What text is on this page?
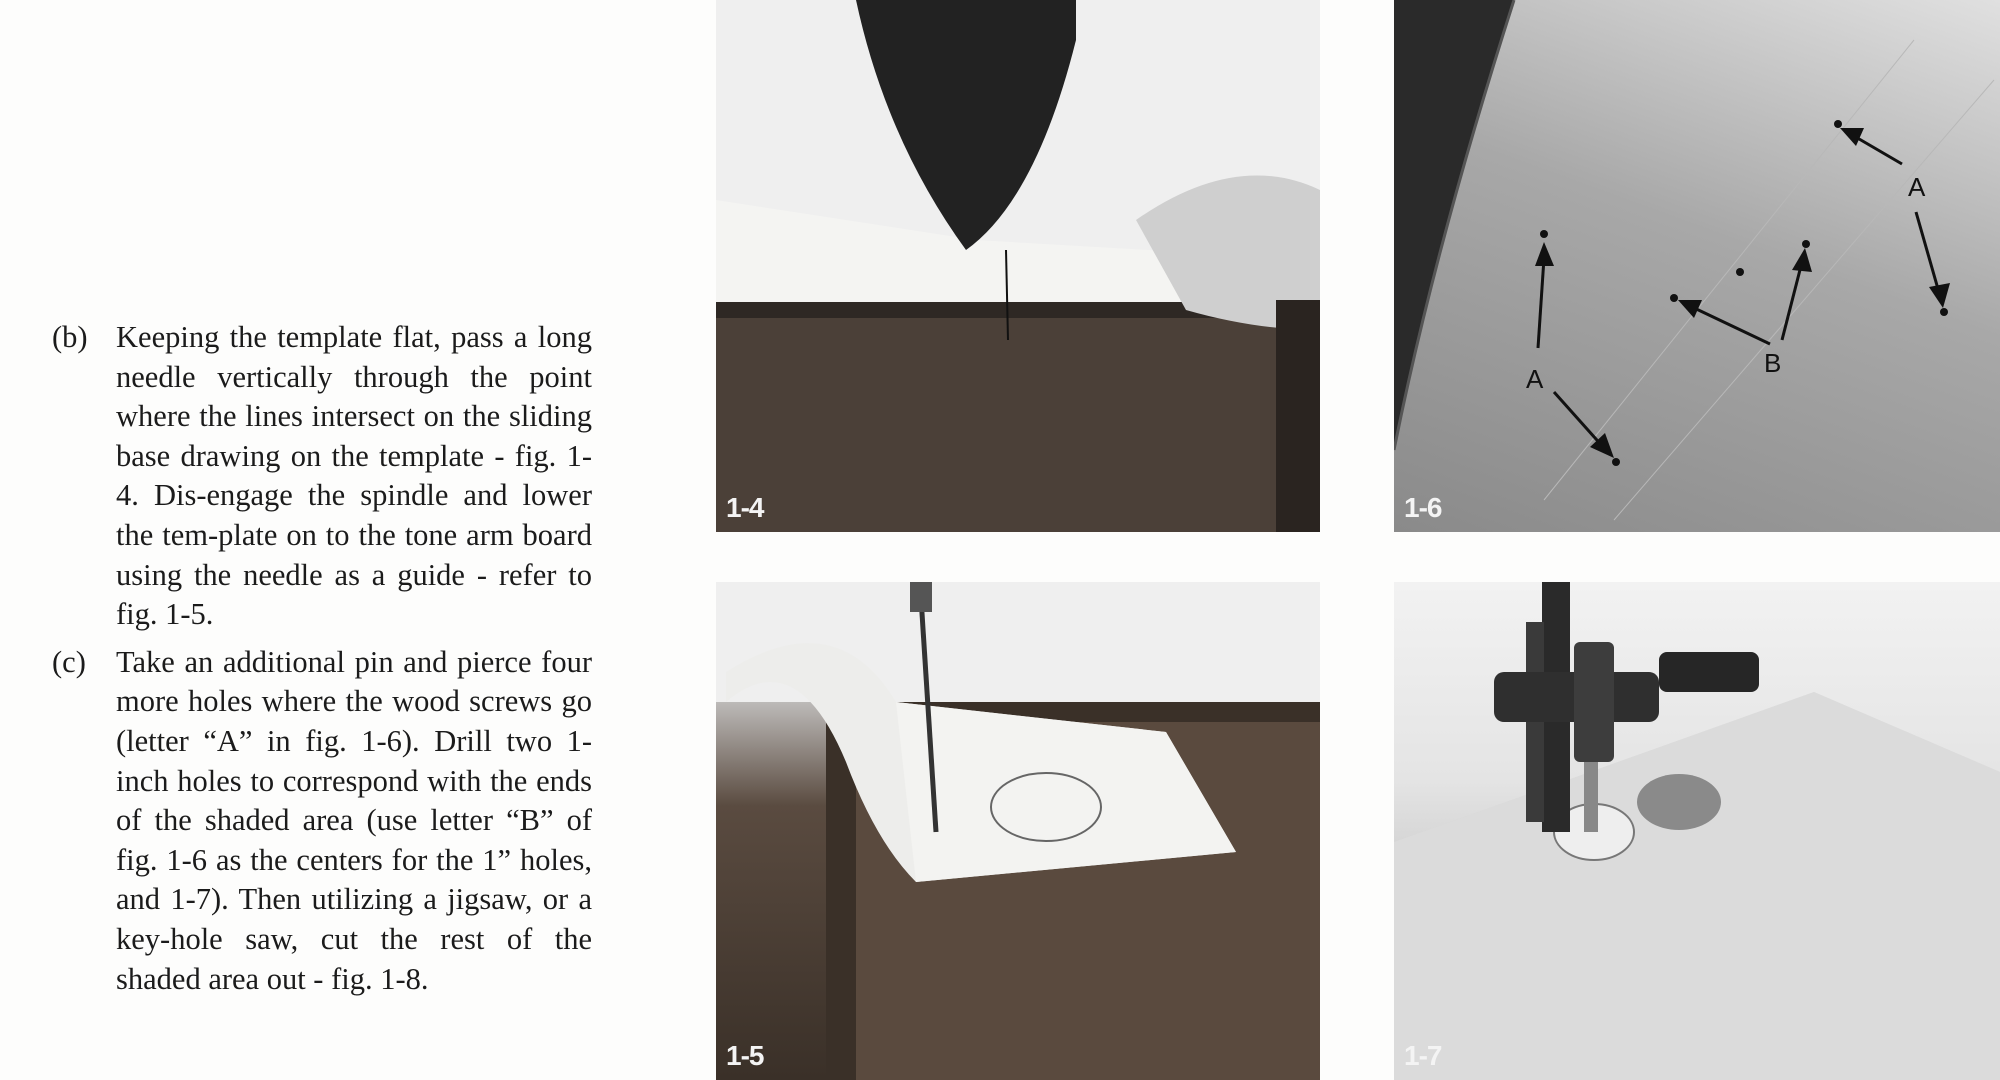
(b) Keeping the template flat, pass a long needle vertically through the point where the lines intersect on the sliding base drawing on the template - fig. 1-4. Dis-engage the spindle and lower the tem-plate on to the tone arm board using the needle as a guide - refer to fig. 1-5.
(c) Take an additional pin and pierce four more holes where the wood screws go (letter “A” in fig. 1-6). Drill two 1-inch holes to correspond with the ends of the shaded area (use letter “B” of fig. 1-6 as the centers for the 1” holes, and 1-7). Then utilizing a jigsaw, or a key-hole saw, cut the rest of the shaded area out - fig. 1-8.
1-4
A
A
B
1-6
1-5	1-7
